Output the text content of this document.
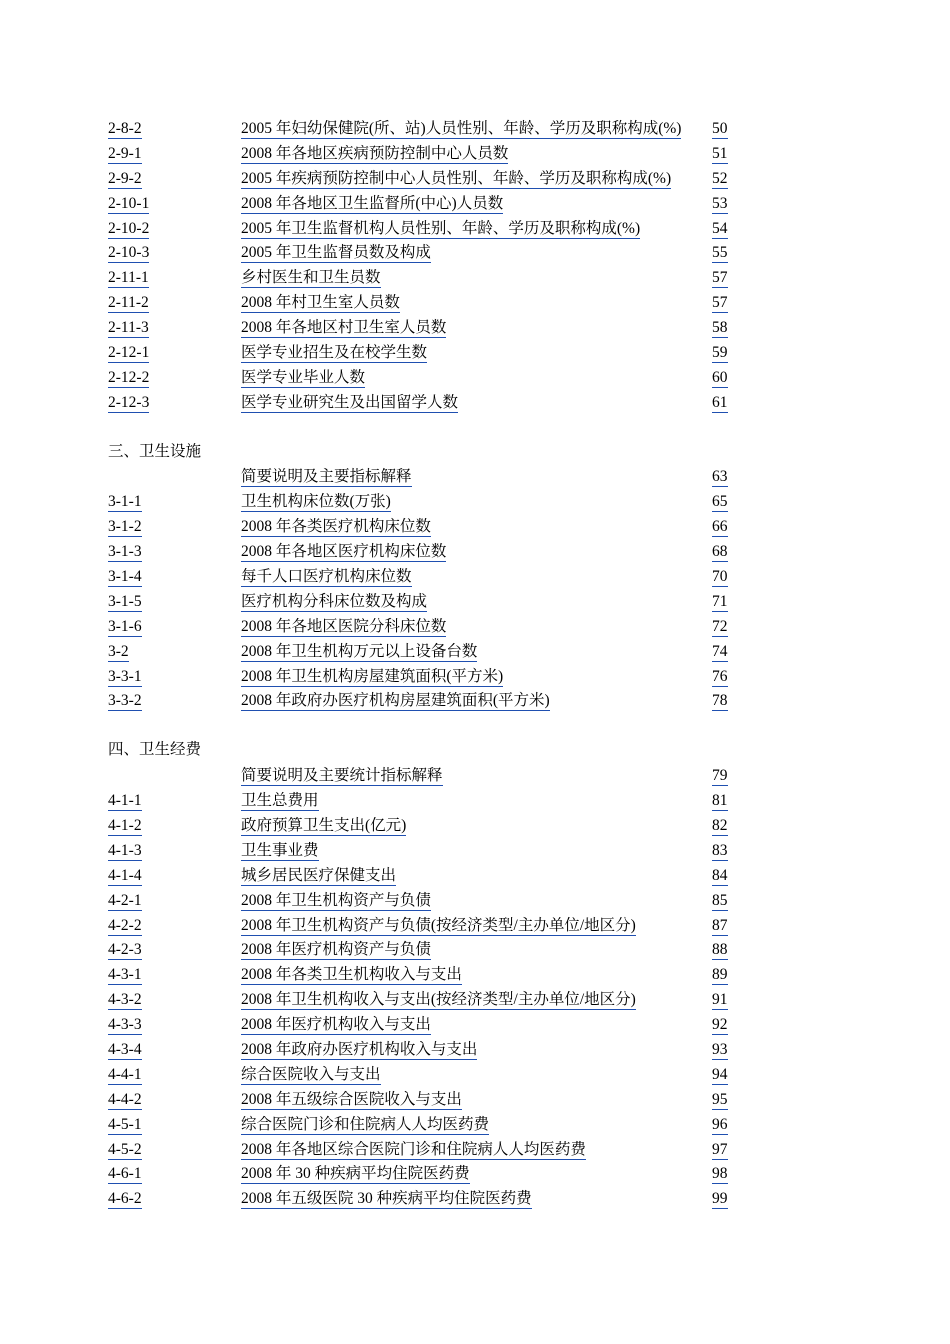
2-8-2	2005 年妇幼保健院(所、站)人员性别、年龄、学历及职称构成(%) 50
2-9-1	2008 年各地区疾病预防控制中心人员数	51
2-9-2	2005 年疾病预防控制中心人员性别、年龄、学历及职称构成(%)	52
2-10-1	2008 年各地区卫生监督所(中心)人员数	53
2-10-2	2005 年卫生监督机构人员性别、年龄、学历及职称构成(%)	54
2-10-3	2005 年卫生监督员数及构成	55
2-11-1	乡村医生和卫生员数	57
2-11-2	2008 年村卫生室人员数	57
2-11-3	2008 年各地区村卫生室人员数	58
2-12-1	医学专业招生及在校学生数	59
2-12-2	医学专业毕业人数	60
2-12-3	医学专业研究生及出国留学人数	61
三、卫生设施
简要说明及主要指标解释	63
3-1-1	卫生机构床位数(万张)	65
3-1-2	2008 年各类医疗机构床位数	66
3-1-3	2008 年各地区医疗机构床位数	68
3-1-4	每千人口医疗机构床位数	70
3-1-5	医疗机构分科床位数及构成	71
3-1-6	2008 年各地区医院分科床位数	72
3-2	2008 年卫生机构万元以上设备台数	74
3-3-1	2008 年卫生机构房屋建筑面积(平方米)	76
3-3-2	2008 年政府办医疗机构房屋建筑面积(平方米)	78
四、卫生经费
简要说明及主要统计指标解释	79
4-1-1	卫生总费用	81
4-1-2	政府预算卫生支出(亿元)	82
4-1-3	卫生事业费	83
4-1-4	城乡居民医疗保健支出	84
4-2-1	2008 年卫生机构资产与负债	85
4-2-2	2008 年卫生机构资产与负债(按经济类型/主办单位/地区分)	87
4-2-3	2008 年医疗机构资产与负债	88
4-3-1	2008 年各类卫生机构收入与支出	89
4-3-2	2008 年卫生机构收入与支出(按经济类型/主办单位/地区分)	91
4-3-3	2008 年医疗机构收入与支出	92
4-3-4	2008 年政府办医疗机构收入与支出	93
4-4-1	综合医院收入与支出	94
4-4-2	2008 年五级综合医院收入与支出	95
4-5-1	综合医院门诊和住院病人人均医药费	96
4-5-2	2008 年各地区综合医院门诊和住院病人人均医药费	97
4-6-1	2008 年 30 种疾病平均住院医药费	98
4-6-2	2008 年五级医院 30 种疾病平均住院医药费	99
